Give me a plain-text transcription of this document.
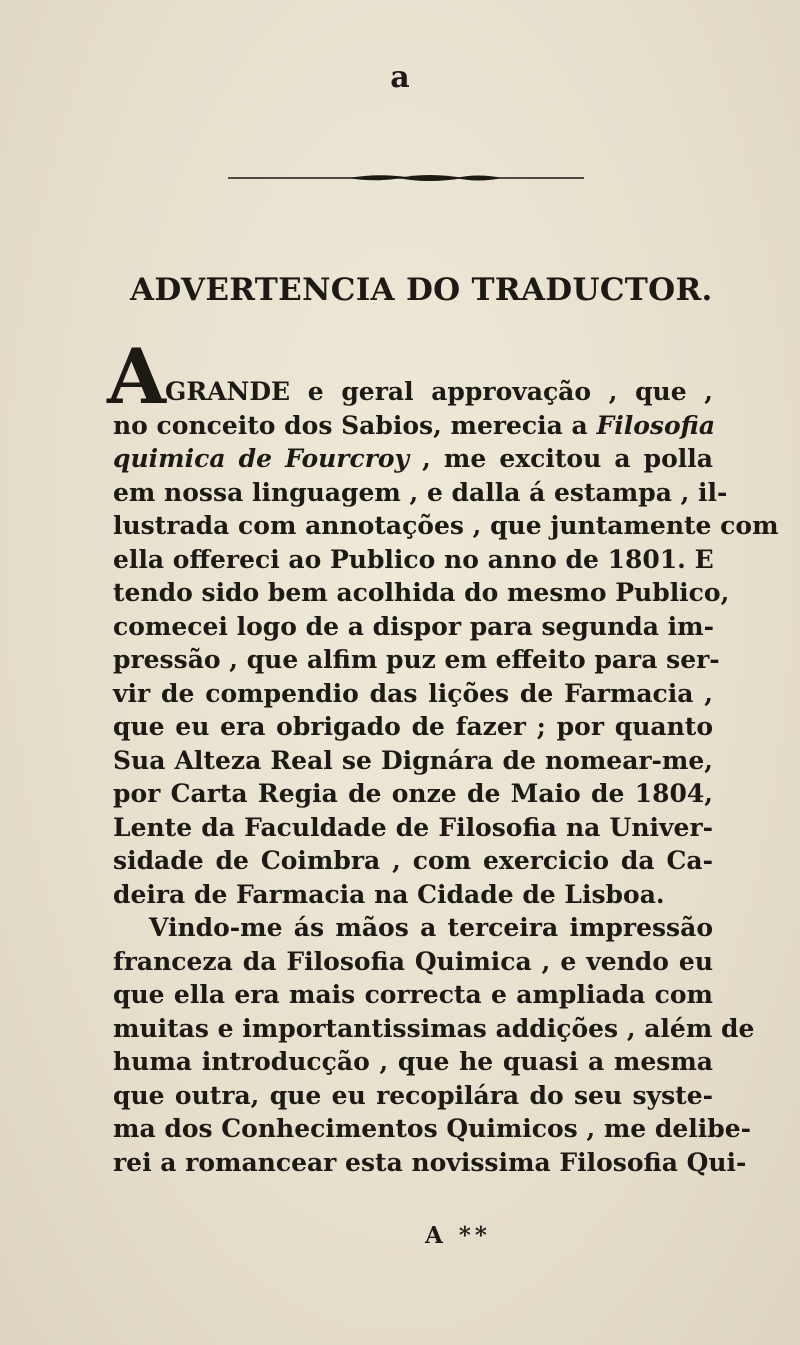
a
ADVERTENCIA DO TRADUCTOR.
A GRANDE e geral approvação , que ,
no conceito dos Sabios, merecia a Filosofia
quimica de Fourcroy , me excitou a polla
em nossa linguagem , e dalla á estampa , il-
lustrada com annotações , que juntamente com
ella offereci ao Publico no anno de 1801. E
tendo sido bem acolhida do mesmo Publico,
comecei logo de a dispor para segunda im-
pressão , que alfim puz em effeito para ser-
vir de compendio das lições de Farmacia ,
que eu era obrigado de fazer ; por quanto
Sua Alteza Real se Dignára de nomear-me,
por Carta Regia de onze de Maio de 1804,
Lente da Faculdade de Filosofia na Univer-
sidade de Coimbra , com exercicio da Ca-
deira de Farmacia na Cidade de Lisboa.
Vindo-me ás mãos a terceira impressão
franceza da Filosofia Quimica , e vendo eu
que ella era mais correcta e ampliada com
muitas e importantissimas addições , além de
huma introducção , que he quasi a mesma
que outra, que eu recopilára do seu syste-
ma dos Conhecimentos Quimicos , me delibe-
rei a romancear esta novissima Filosofia Qui-
A **
